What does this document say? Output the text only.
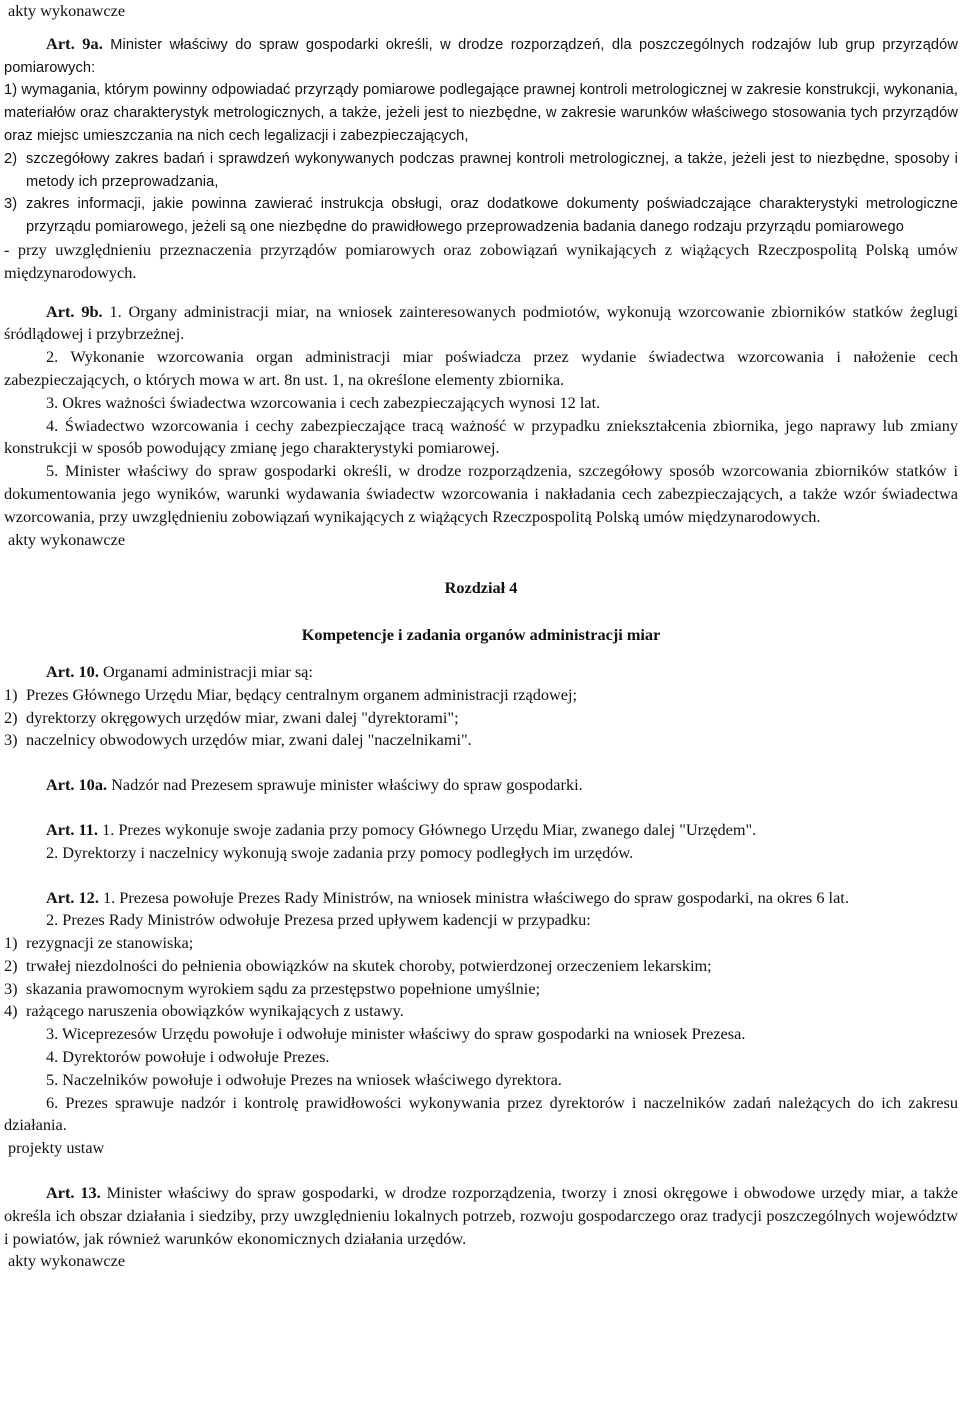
akty wykonawcze
Art. 9a. Minister właściwy do spraw gospodarki określi, w drodze rozporządzeń, dla poszczególnych rodzajów lub grup przyrządów pomiarowych:
1) wymagania, którym powinny odpowiadać przyrządy pomiarowe podlegające prawnej kontroli metrologicznej w zakresie konstrukcji, wykonania, materiałów oraz charakterystyk metrologicznych, a także, jeżeli jest to niezbędne, w zakresie warunków właściwego stosowania tych przyrządów oraz miejsc umieszczania na nich cech legalizacji i zabezpieczających,
2) szczegółowy zakres badań i sprawdzeń wykonywanych podczas prawnej kontroli metrologicznej, a także, jeżeli jest to niezbędne, sposoby i metody ich przeprowadzania,
3) zakres informacji, jakie powinna zawierać instrukcja obsługi, oraz dodatkowe dokumenty poświadczające charakterystyki metrologiczne przyrządu pomiarowego, jeżeli są one niezbędne do prawidłowego przeprowadzenia badania danego rodzaju przyrządu pomiarowego
- przy uwzględnieniu przeznaczenia przyrządów pomiarowych oraz zobowiązań wynikających z wiążących Rzeczpospolitą Polską umów międzynarodowych.
Art. 9b. 1. Organy administracji miar, na wniosek zainteresowanych podmiotów, wykonują wzorcowanie zbiorników statków żeglugi śródlądowej i przybrzeżnej.
2. Wykonanie wzorcowania organ administracji miar poświadcza przez wydanie świadectwa wzorcowania i nałożenie cech zabezpieczających, o których mowa w art. 8n ust. 1, na określone elementy zbiornika.
3. Okres ważności świadectwa wzorcowania i cech zabezpieczających wynosi 12 lat.
4. Świadectwo wzorcowania i cechy zabezpieczające tracą ważność w przypadku zniekształcenia zbiornika, jego naprawy lub zmiany konstrukcji w sposób powodujący zmianę jego charakterystyki pomiarowej.
5. Minister właściwy do spraw gospodarki określi, w drodze rozporządzenia, szczegółowy sposób wzorcowania zbiorników statków i dokumentowania jego wyników, warunki wydawania świadectw wzorcowania i nakładania cech zabezpieczających, a także wzór świadectwa wzorcowania, przy uwzględnieniu zobowiązań wynikających z wiążących Rzeczpospolitą Polską umów międzynarodowych.
akty wykonawcze
Rozdział 4
Kompetencje i zadania organów administracji miar
Art. 10. Organami administracji miar są:
1) Prezes Głównego Urzędu Miar, będący centralnym organem administracji rządowej;
2) dyrektorzy okręgowych urzędów miar, zwani dalej "dyrektorami";
3) naczelnicy obwodowych urzędów miar, zwani dalej "naczelnikami".
Art. 10a. Nadzór nad Prezesem sprawuje minister właściwy do spraw gospodarki.
Art. 11. 1. Prezes wykonuje swoje zadania przy pomocy Głównego Urzędu Miar, zwanego dalej "Urzędem".
2. Dyrektorzy i naczelnicy wykonują swoje zadania przy pomocy podległych im urzędów.
Art. 12. 1. Prezesa powołuje Prezes Rady Ministrów, na wniosek ministra właściwego do spraw gospodarki, na okres 6 lat.
2. Prezes Rady Ministrów odwołuje Prezesa przed upływem kadencji w przypadku:
1) rezygnacji ze stanowiska;
2) trwałej niezdolności do pełnienia obowiązków na skutek choroby, potwierdzonej orzeczeniem lekarskim;
3) skazania prawomocnym wyrokiem sądu za przestępstwo popełnione umyślnie;
4) rażącego naruszenia obowiązków wynikających z ustawy.
3. Wiceprezesów Urzędu powołuje i odwołuje minister właściwy do spraw gospodarki na wniosek Prezesa.
4. Dyrektorów powołuje i odwołuje Prezes.
5. Naczelników powołuje i odwołuje Prezes na wniosek właściwego dyrektora.
6. Prezes sprawuje nadzór i kontrolę prawidłowości wykonywania przez dyrektorów i naczelników zadań należących do ich zakresu działania.
projekty ustaw
Art. 13. Minister właściwy do spraw gospodarki, w drodze rozporządzenia, tworzy i znosi okręgowe i obwodowe urzędy miar, a także określa ich obszar działania i siedziby, przy uwzględnieniu lokalnych potrzeb, rozwoju gospodarczego oraz tradycji poszczególnych województw i powiatów, jak również warunków ekonomicznych działania urzędów.
akty wykonawcze
